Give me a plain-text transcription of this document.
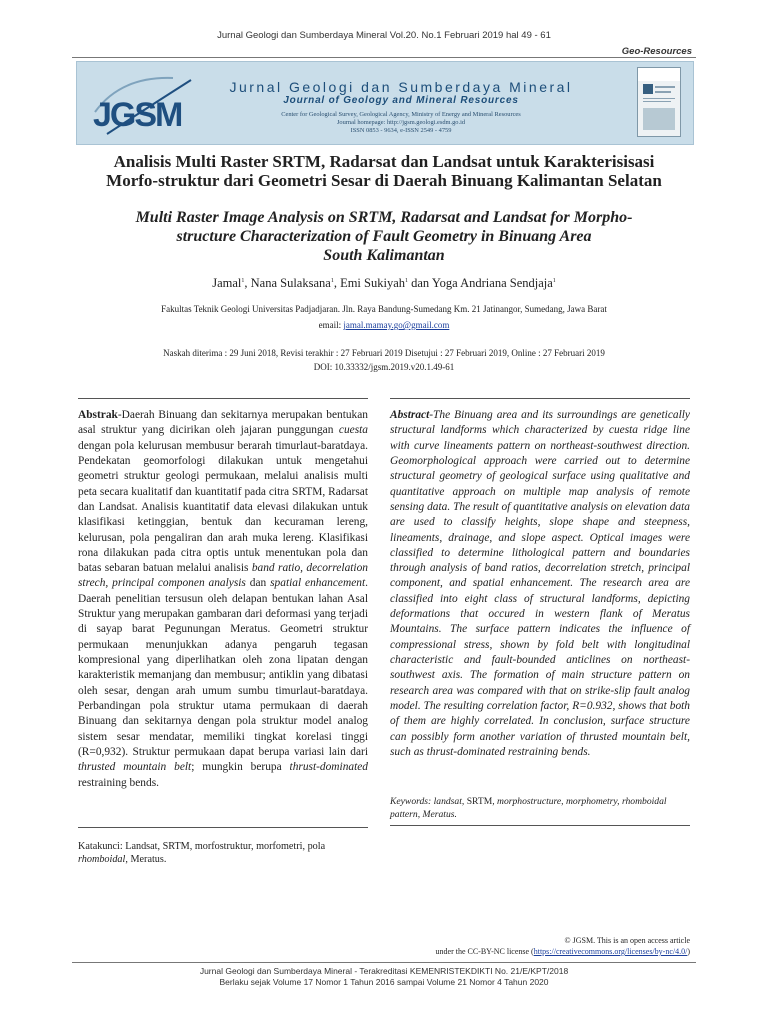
Jurnal Geologi dan Sumberdaya Mineral Vol.20. No.1 Februari 2019 hal 49 - 61
Geo-Resources
JGSM
Jurnal Geologi dan Sumberdaya Mineral
Journal of Geology and Mineral Resources
Center for Geological Survey, Geological Agency, Ministry of Energy and Mineral Resources
Journal homepage: http://jgsm.geologi.esdm.go.id
ISSN 0853 - 9634, e-ISSN 2549 - 4759
Analisis Multi Raster SRTM, Radarsat dan Landsat untuk Karakterisisasi
Morfo-struktur dari Geometri Sesar di Daerah Binuang Kalimantan Selatan
Multi Raster Image Analysis on SRTM, Radarsat and Landsat for Morpho-
structure Characterization of Fault Geometry in Binuang Area
South Kalimantan
Jamal$^1$, Nana Sulaksana$^1$, Emi Sukiyah$^1$ dan Yoga Andriana Sendjaja$^1$
Fakultas Teknik Geologi Universitas Padjadjaran. Jln. Raya Bandung-Sumedang Km. 21 Jatinangor, Sumedang, Jawa Barat
email: jamal.mamay.go@gmail.com
Naskah diterima : 29 Juni 2018, Revisi terakhir : 27 Februari 2019 Disetujui : 27 Februari 2019, Online : 27 Februari 2019
DOI: 10.33332/jgsm.2019.v20.1.49-61
Abstrak-Daerah Binuang dan sekitarnya merupakan bentukan asal struktur yang dicirikan oleh jajaran punggungan cuesta dengan pola kelurusan membusur berarah timurlaut-baratdaya. Pendekatan geomorfologi dilakukan untuk mengetahui geometri struktur geologi permukaan, melalui analisis multi peta secara kualitatif dan kuantitatif pada citra SRTM, Radarsat dan Landsat. Analisis kuantitatif data elevasi dilakukan untuk klasifikasi ketinggian, bentuk dan kecuraman lereng, kelurusan, pola pengaliran dan arah muka lereng. Klasifikasi rona dilakukan pada citra optis untuk menentukan pola dan batas sebaran batuan melalui analisis band ratio, decorrelation strech, principal componen analysis dan spatial enhancement. Daerah penelitian tersusun oleh delapan bentukan lahan Asal Struktur yang merupakan gambaran dari deformasi yang terjadi di sayap barat Pegunungan Meratus. Geometri struktur permukaan menunjukkan adanya pengaruh tegasan kompresional yang diperlihatkan oleh zona lipatan dengan karakteristik memanjang dan membusur; antiklin yang dibatasi oleh sesar, dengan arah umum sumbu timurlaut-baratdaya. Perbandingan pola struktur utama permukaan di daerah Binuang dan sekitarnya dengan pola struktur model analog sistem sesar mendatar, memiliki tingkat korelasi tinggi (R=0,932). Struktur permukaan dapat berupa variasi lain dari thrusted mountain belt; mungkin berupa thrust-dominated restraining bends.
Abstract-The Binuang area and its surroundings are genetically structural landforms which characterized by cuesta ridge line with curve lineaments pattern on northeast-southwest direction. Geomorphological approach were carried out to determine structural geometry of geological surface using qualitative and quantitative approach on multiple map analysis of remote sensing data. The result of quantitative analysis on elevation data are used to classify heights, slope shape and steepness, lineaments, drainage, and slope aspect. Optical images were classified to determine lithological pattern and boundaries through analysis of band ratios, decorrelation stretch, principal component, and spatial enhancement. The research area are classified into eight class of structural landforms, depicting deformations that occured in western flank of Meratus Mountains. The surface pattern indicates the influence of compressional stress, shown by fold belt with longitudinal characteristic and fault-bounded anticlines on northeast-southwest axis. The formation of main structure pattern on research area was compared with that on strike-slip fault analog model. The resulting correlation factor, R=0.932, shows that both of them are highly correlated. In conclusion, surface structure can possibly form another variation of thrusted mountain belt, such as thrust-dominated restraining bends.
Keywords: landsat, SRTM, morphostructure, morphometry, rhomboidal pattern, Meratus.
Katakunci: Landsat, SRTM, morfostruktur, morfometri, pola rhomboidal, Meratus.
© JGSM. This is an open access article
under the CC-BY-NC license (https://creativecommons.org/licenses/by-nc/4.0/)
Jurnal Geologi dan Sumberdaya Mineral - Terakreditasi KEMENRISTEKDIKTI No. 21/E/KPT/2018
Berlaku sejak Volume 17 Nomor 1 Tahun 2016 sampai Volume 21 Nomor 4 Tahun 2020
